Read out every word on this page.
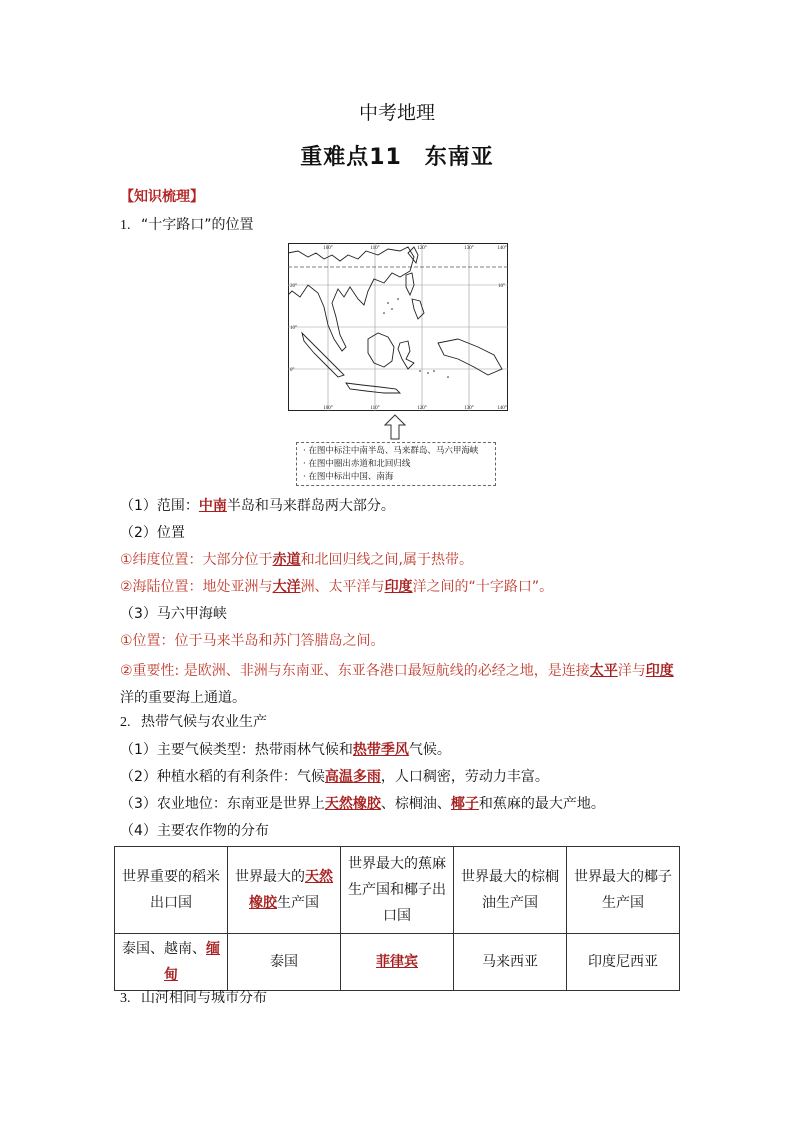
中考地理
重难点11　东南亚
【知识梳理】
1. “十字路口”的位置
100°	110°	120°	130°	140°
100°	110°	120°	130°	140°
20°
10°
0°
10°
· 在图中标注中南半岛、马来群岛、马六甲海峡
· 在图中圈出赤道和北回归线
· 在图中标出中国、南海
（1）范围：中南半岛和马来群岛两大部分。
（2）位置
①纬度位置：大部分位于赤道和北回归线之间,属于热带。
②海陆位置：地处亚洲与大洋洲、太平洋与印度洋之间的“十字路口”。
（3）马六甲海峡
①位置：位于马来半岛和苏门答腊岛之间。
②重要性: 是欧洲、非洲与东南亚、东亚各港口最短航线的必经之地，是连接太平洋与印度洋的重要海上通道。
2. 热带气候与农业生产
（1）主要气候类型：热带雨林气候和热带季风气候。
（2）种植水稻的有利条件：气候高温多雨，人口稠密，劳动力丰富。
（3）农业地位：东南亚是世界上天然橡胶、棕榈油、椰子和蕉麻的最大产地。
（4）主要农作物的分布
世界重要的稻米出口国	世界最大的天然橡胶生产国	世界最大的蕉麻生产国和椰子出口国	世界最大的棕榈油生产国	世界最大的椰子生产国
泰国、越南、缅甸	泰国	菲律宾	马来西亚	印度尼西亚
3. 山河相间与城市分布
